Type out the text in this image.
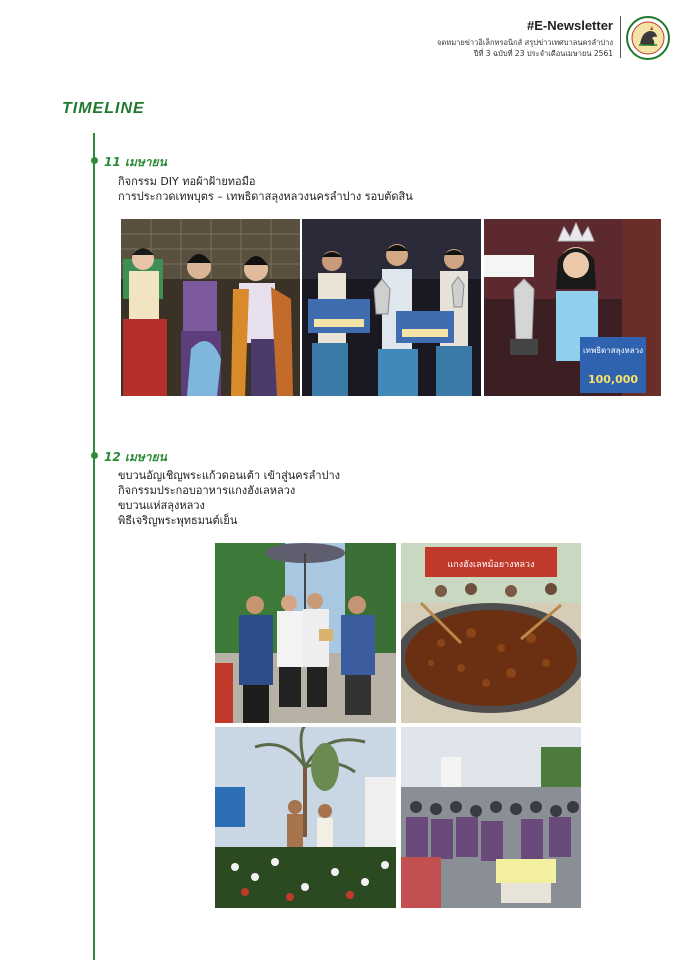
#E-Newsletter
จดหมายข่าวอิเล็กทรอนิกส์ สรุปข่าวเทศบาลนครลำปาง
ปีที่ 3 ฉบับที่ 23 ประจำเดือนเมษายน 2561
TIMELINE
11 เมษายน
กิจกรรม DIY ทอผ้าฝ้ายทอมือ
การประกวดเทพบุตร – เทพธิดาสลุงหลวงนครลำปาง รอบตัดสิน
เทพธิดาสลุงหลวง
100,000
12 เมษายน
ขบวนอัญเชิญพระแก้วดอนเต้า เข้าสู่นครลำปาง
กิจกรรมประกอบอาหารแกงฮังเลหลวง
ขบวนแห่สลุงหลวง
พิธีเจริญพระพุทธมนต์เย็น
แกงฮังเลหม้อยางหลวง
